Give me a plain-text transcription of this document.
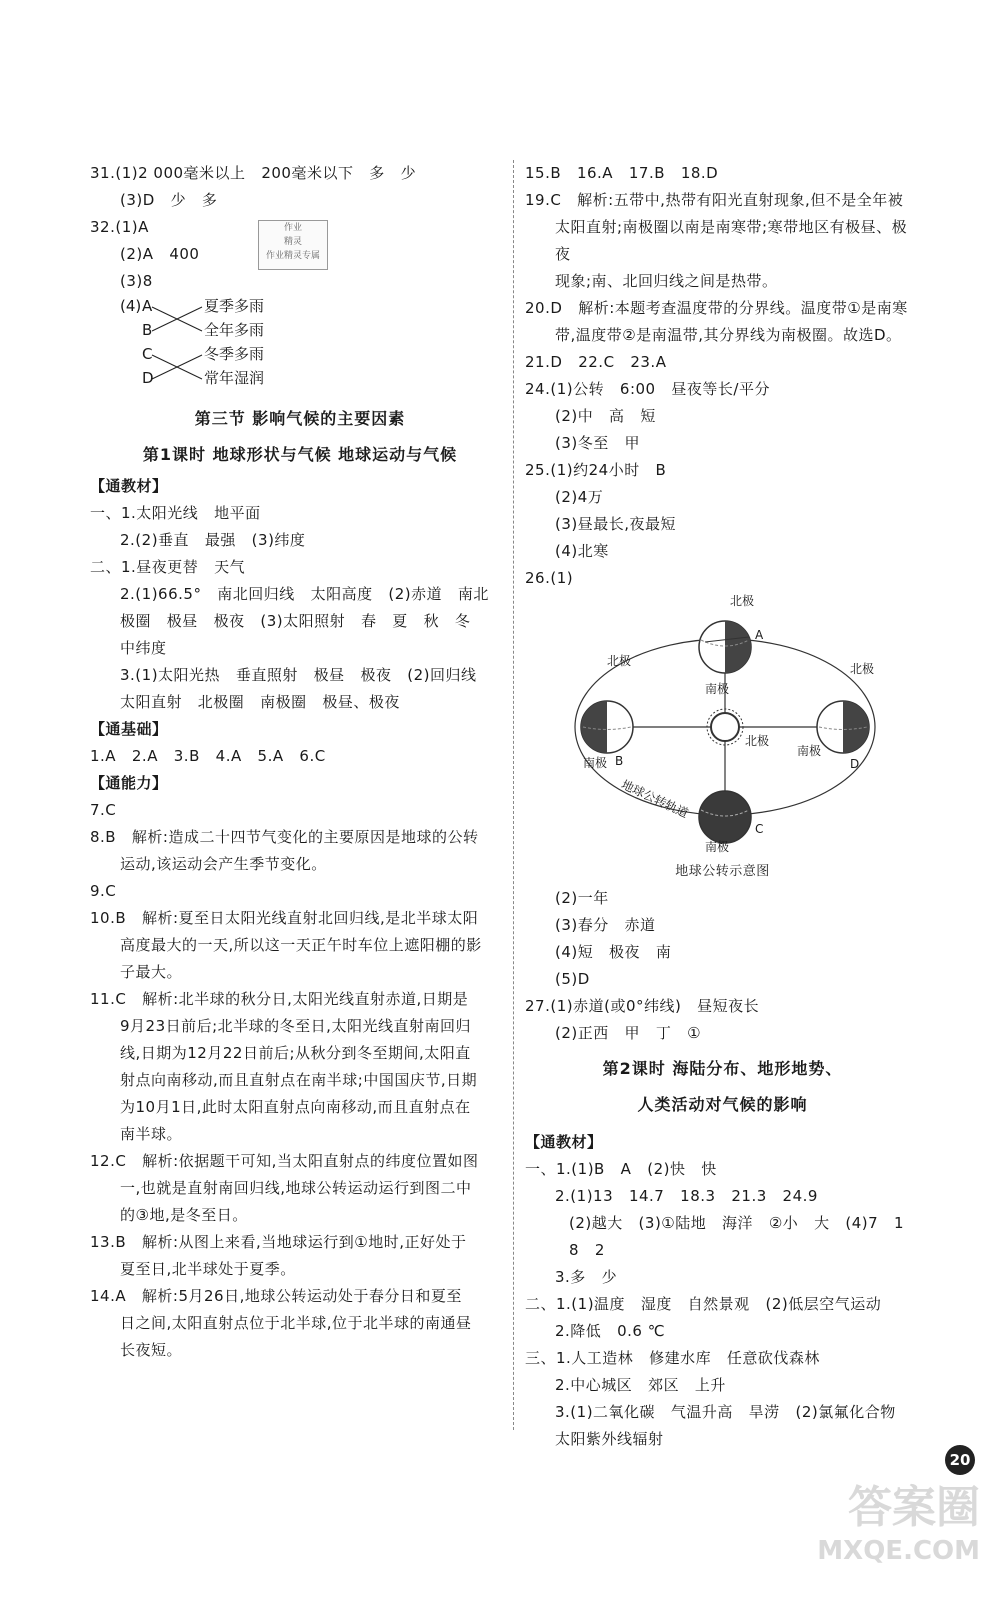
作业
精灵
作业精灵专属
31.(1)2 000毫米以上   200毫米以下   多   少
(3)D   少   多
32.(1)A
(2)A   400
(3)8
(4) A
B
C
D
夏季多雨
全年多雨
冬季多雨
常年湿润
第三节 影响气候的主要因素
第1课时 地球形状与气候 地球运动与气候
【通教材】
一、1.太阳光线   地平面
2.(2)垂直   最强   (3)纬度
二、1.昼夜更替   天气
2.(1)66.5°   南北回归线   太阳高度   (2)赤道   南北
极圈   极昼   极夜   (3)太阳照射   春   夏   秋   冬
中纬度
3.(1)太阳光热   垂直照射   极昼   极夜   (2)回归线
太阳直射   北极圈   南极圈   极昼、极夜
【通基础】
1.A   2.A   3.B   4.A   5.A   6.C
【通能力】
7.C
8.B   解析:造成二十四节气变化的主要原因是地球的公转
运动,该运动会产生季节变化。
9.C
10.B   解析:夏至日太阳光线直射北回归线,是北半球太阳
高度最大的一天,所以这一天正午时车位上遮阳棚的影
子最大。
11.C   解析:北半球的秋分日,太阳光线直射赤道,日期是
9月23日前后;北半球的冬至日,太阳光线直射南回归
线,日期为12月22日前后;从秋分到冬至期间,太阳直
射点向南移动,而且直射点在南半球;中国国庆节,日期
为10月1日,此时太阳直射点向南移动,而且直射点在
南半球。
12.C   解析:依据题干可知,当太阳直射点的纬度位置如图
一,也就是直射南回归线,地球公转运动运行到图二中
的③地,是冬至日。
13.B   解析:从图上来看,当地球运行到①地时,正好处于
夏至日,北半球处于夏季。
14.A   解析:5月26日,地球公转运动处于春分日和夏至
日之间,太阳直射点位于北半球,位于北半球的南通昼
长夜短。
15.B   16.A   17.B   18.D
19.C   解析:五带中,热带有阳光直射现象,但不是全年被
太阳直射;南极圈以南是南寒带;寒带地区有极昼、极夜
现象;南、北回归线之间是热带。
20.D   解析:本题考查温度带的分界线。温度带①是南寒
带,温度带②是南温带,其分界线为南极圈。故选D。
21.D   22.C   23.A
24.(1)公转   6:00   昼夜等长/平分
(2)中   高   短
(3)冬至   甲
25.(1)约24小时   B
(2)4万
(3)昼最长,夜最短
(4)北寒
26.(1)
北极
A
南极
北极
南极 B
北极
南极
D
北极
C
南极
地球公转轨道
地球公转示意图
(2)一年
(3)春分   赤道
(4)短   极夜   南
(5)D
27.(1)赤道(或0°纬线)   昼短夜长
(2)正西   甲   丁   ①
第2课时 海陆分布、地形地势、
人类活动对气候的影响
【通教材】
一、1.(1)B   A   (2)快   快
2.(1)13   14.7   18.3   21.3   24.9
(2)越大   (3)①陆地   海洋   ②小   大   (4)7   1
8   2
3.多   少
二、1.(1)温度   湿度   自然景观   (2)低层空气运动
2.降低   0.6 ℃
三、1.人工造林   修建水库   任意砍伐森林
2.中心城区   郊区   上升
3.(1)二氧化碳   气温升高   旱涝   (2)氯氟化合物
太阳紫外线辐射
20
答案圈
MXQE.COM
